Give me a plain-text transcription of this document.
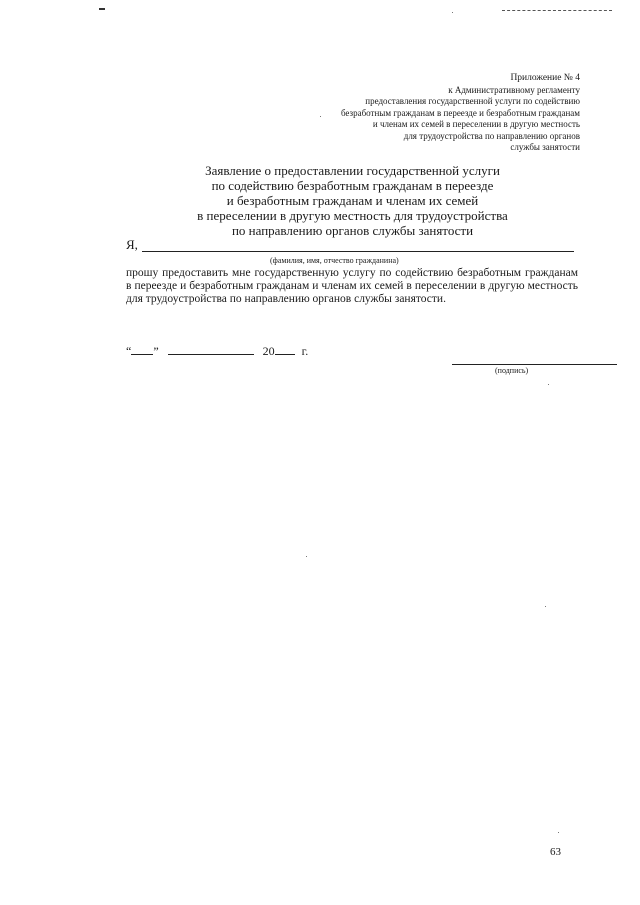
Приложение № 4
к Административному регламенту
предоставления государственной услуги по содействию
безработным гражданам в переезде и безработным гражданам
и членам их семей в переселении в другую местность
для трудоустройства по направлению органов
службы занятости
Заявление о предоставлении государственной услуги
по содействию безработным гражданам в переезде
и безработным гражданам и членам их семей
в переселении в другую местность для трудоустройства
по направлению органов службы занятости
Я,
(фамилия, имя, отчество гражданина)
прошу предоставить мне государственную услугу по содействию безработным гражданам в переезде и безработным гражданам и членам их семей в переселении в другую местность для трудоустройства по направлению органов службы занятости.
“ ”	20 г.
(подпись)
63
